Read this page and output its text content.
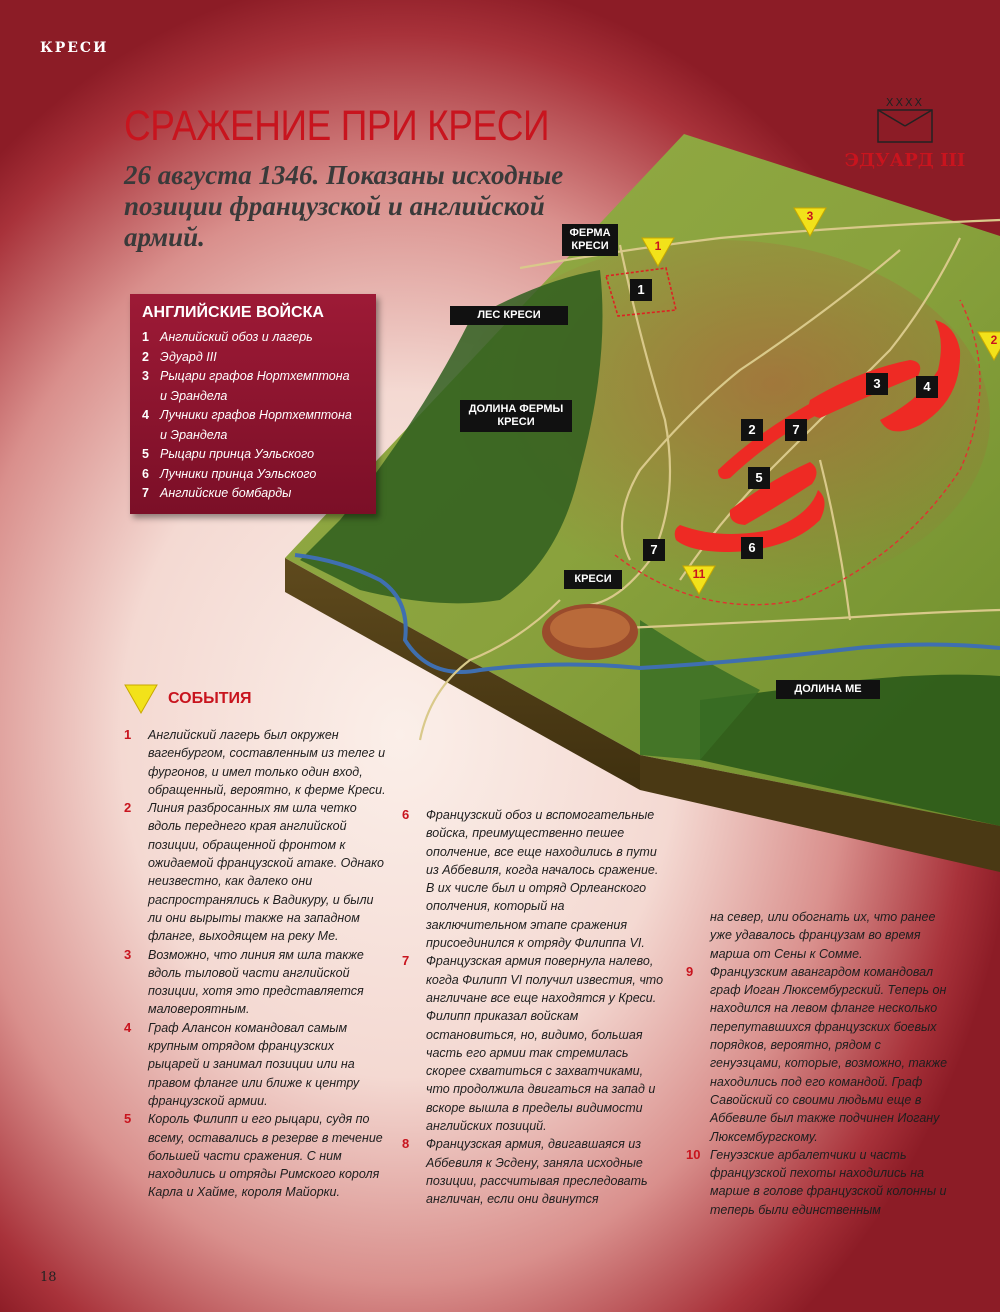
КРЕСИ
ФЕРМА КРЕСИ
ЛЕС КРЕСИ
ДОЛИНА ФЕРМЫ КРЕСИ
КРЕСИ
ДОЛИНА МЕ
1
2
3	4
5
6
7
7
1
3
11
2
СРАЖЕНИЕ ПРИ КРЕСИ

26 августа 1346. Показаны исходные позиции французской и английской армий.

XXXX
ЭДУАРД III
АНГЛИЙСКИЕ ВОЙСКА
1 Английский обоз и лагерь
2 Эдуард III
3 Рыцари графов Нортхемптона
и Эрандела
4 Лучники графов Нортхемптона
и Эрандела
5 Рыцари принца Уэльского
6 Лучники принца Уэльского
7 Английские бомбарды
СОБЫТИЯ
1	Английский лагерь был окружен вагенбургом, составленным из телег и фургонов, и имел только один вход, обращенный, вероятно, к ферме Креси.
2	Линия разбросанных ям шла четко вдоль переднего края английской позиции, обращенной фронтом к ожидаемой французской атаке. Однако неизвестно, как далеко они распространялись к Вадикуру, и были ли они вырыты также на западном фланге, выходящем на реку Ме.
3	Возможно, что линия ям шла также вдоль тыловой части английской позиции, хотя это представляется маловероятным.
4	Граф Алансон командовал самым крупным отрядом французских рыцарей и занимал позиции или на правом фланге или ближе к центру французской армии.
5	Король Филипп и его рыцари, судя по всему, оставались в резерве в течение большей части сражения. С ним находились и отряды Римского короля Карла и Хайме, короля Майорки.
6	Французский обоз и вспомогательные войска, преимущественно пешее ополчение, все еще находились в пути из Аббевиля, когда началось сражение. В их числе был и отряд Орлеанского ополчения, который на заключительном этапе сражения присоединился к отряду Филиппа VI.
7	Французская армия повернула налево, когда Филипп VI получил известия, что англичане все еще находятся у Креси. Филипп приказал войскам остановиться, но, видимо, большая часть его армии так стремилась скорее схватиться с захватчиками, что продолжила двигаться на запад и вскоре вышла в пределы видимости английских позиций.
8	Французская армия, двигавшаяся из Аббевиля к Эсдену, заняла исходные позиции, рассчитывая преследовать англичан, если они двинутся
на север, или обогнать их, что ранее уже удавалось французам во время марша от Сены к Сомме.
9	Французским авангардом командовал граф Иоган Люксембургский. Теперь он находился на левом фланге несколько перепутавшихся французских боевых порядков, вероятно, рядом с генуэзцами, которые, возможно, также находились под его командой. Граф Савойский со своими людьми еще в Аббевиле был также подчинен Иогану Люксембургскому.
10 Генуэзские арбалетчики и часть французской пехоты находились на марше в голове французской колонны и теперь были единственным
18
